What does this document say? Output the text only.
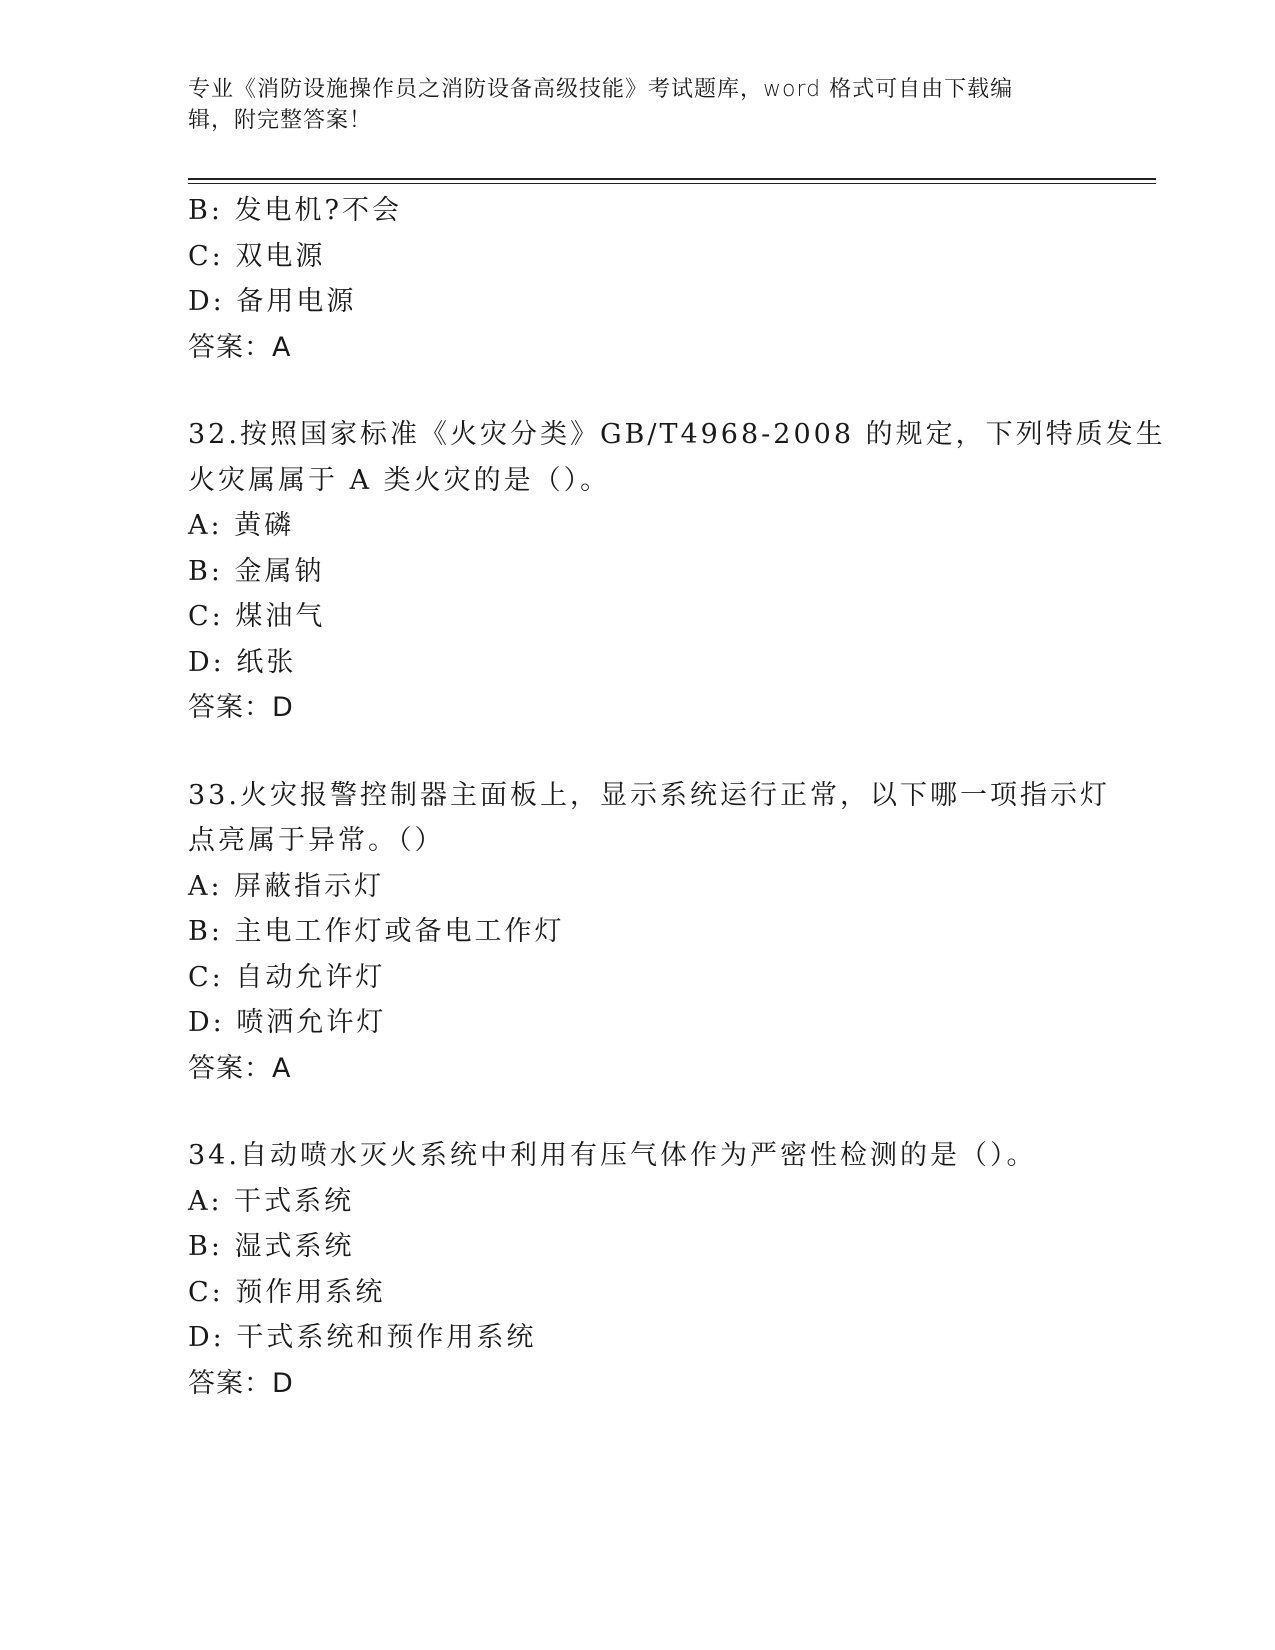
专业《消防设施操作员之消防设备高级技能》考试题库，word 格式可自由下载编
辑，附完整答案！
B: 发电机?不会
C: 双电源
D: 备用电源
答案：A
32.按照国家标准《火灾分类》GB/T4968-2008 的规定，下列特质发生
火灾属属于 A 类火灾的是（）。
A: 黄磷
B: 金属钠
C: 煤油气
D: 纸张
答案：D
33.火灾报警控制器主面板上，显示系统运行正常，以下哪一项指示灯
点亮属于异常。（）
A: 屏蔽指示灯
B: 主电工作灯或备电工作灯
C: 自动允许灯
D: 喷洒允许灯
答案：A
34.自动喷水灭火系统中利用有压气体作为严密性检测的是（）。
A: 干式系统
B: 湿式系统
C: 预作用系统
D: 干式系统和预作用系统
答案：D
